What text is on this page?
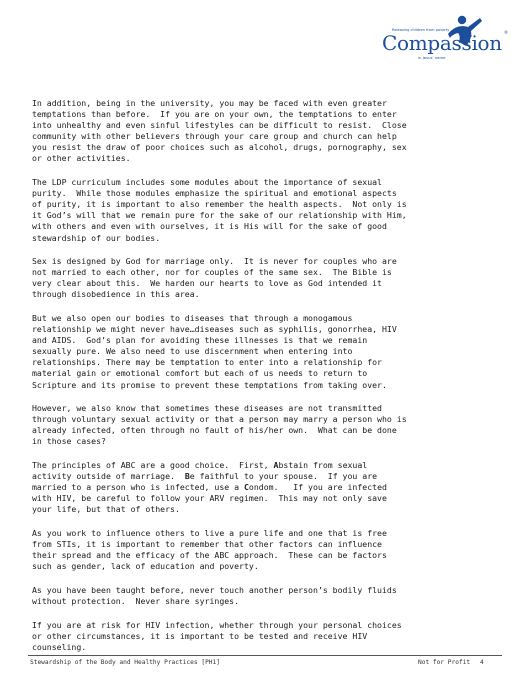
Releasing children from poverty
Compassion ®
in Jesus' name

In addition, being in the university, you may be faced with even greater
temptations than before.  If you are on your own, the temptations to enter
into unhealthy and even sinful lifestyles can be difficult to resist.  Close
community with other believers through your care group and church can help
you resist the draw of poor choices such as alcohol, drugs, pornography, sex
or other activities.

The LDP curriculum includes some modules about the importance of sexual
purity.  While those modules emphasize the spiritual and emotional aspects
of purity, it is important to also remember the health aspects.  Not only is
it God’s will that we remain pure for the sake of our relationship with Him,
with others and even with ourselves, it is His will for the sake of good
stewardship of our bodies.

Sex is designed by God for marriage only.  It is never for couples who are
not married to each other, nor for couples of the same sex.  The Bible is
very clear about this.  We harden our hearts to love as God intended it
through disobedience in this area.

But we also open our bodies to diseases that through a monogamous
relationship we might never have…diseases such as syphilis, gonorrhea, HIV
and AIDS.  God’s plan for avoiding these illnesses is that we remain
sexually pure. We also need to use discernment when entering into
relationships. There may be temptation to enter into a relationship for
material gain or emotional comfort but each of us needs to return to
Scripture and its promise to prevent these temptations from taking over.

However, we also know that sometimes these diseases are not transmitted
through voluntary sexual activity or that a person may marry a person who is
already infected, often through no fault of his/her own.  What can be done
in those cases?

The principles of ABC are a good choice.  First, Abstain from sexual
activity outside of marriage.  Be faithful to your spouse.  If you are
married to a person who is infected, use a Condom.   If you are infected
with HIV, be careful to follow your ARV regimen.  This may not only save
your life, but that of others.

As you work to influence others to live a pure life and one that is free
from STIs, it is important to remember that other factors can influence
their spread and the efficacy of the ABC approach.  These can be factors
such as gender, lack of education and poverty.

As you have been taught before, never touch another person’s bodily fluids
without protection.  Never share syringes.

If you are at risk for HIV infection, whether through your personal choices
or other circumstances, it is important to be tested and receive HIV
counseling.

Stewardship of the Body and Healthy Practices [PH1]	Not for Profit 4
